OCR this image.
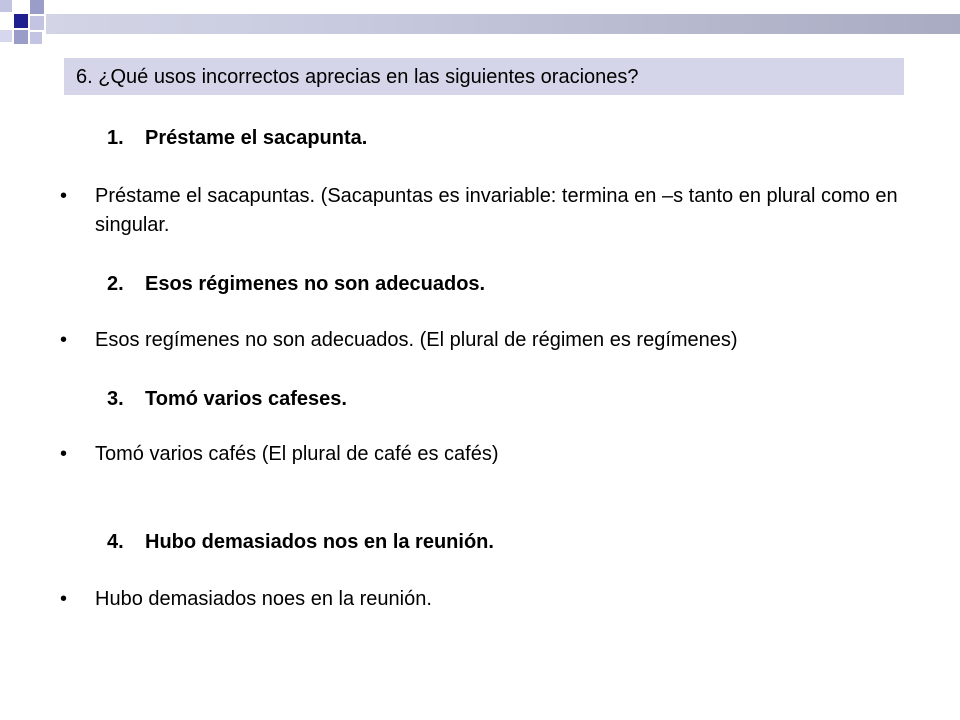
6. ¿Qué usos incorrectos aprecias en las siguientes oraciones?
1. Préstame el sacapunta.
• Préstame el sacapuntas. (Sacapuntas es invariable: termina en –s tanto en plural como en singular.
2. Esos régimenes no son adecuados.
• Esos regímenes no son adecuados. (El plural de régimen es regímenes)
3. Tomó varios cafeses.
• Tomó varios cafés (El plural de café es cafés)
4. Hubo demasiados nos en la reunión.
• Hubo demasiados noes en la reunión.
